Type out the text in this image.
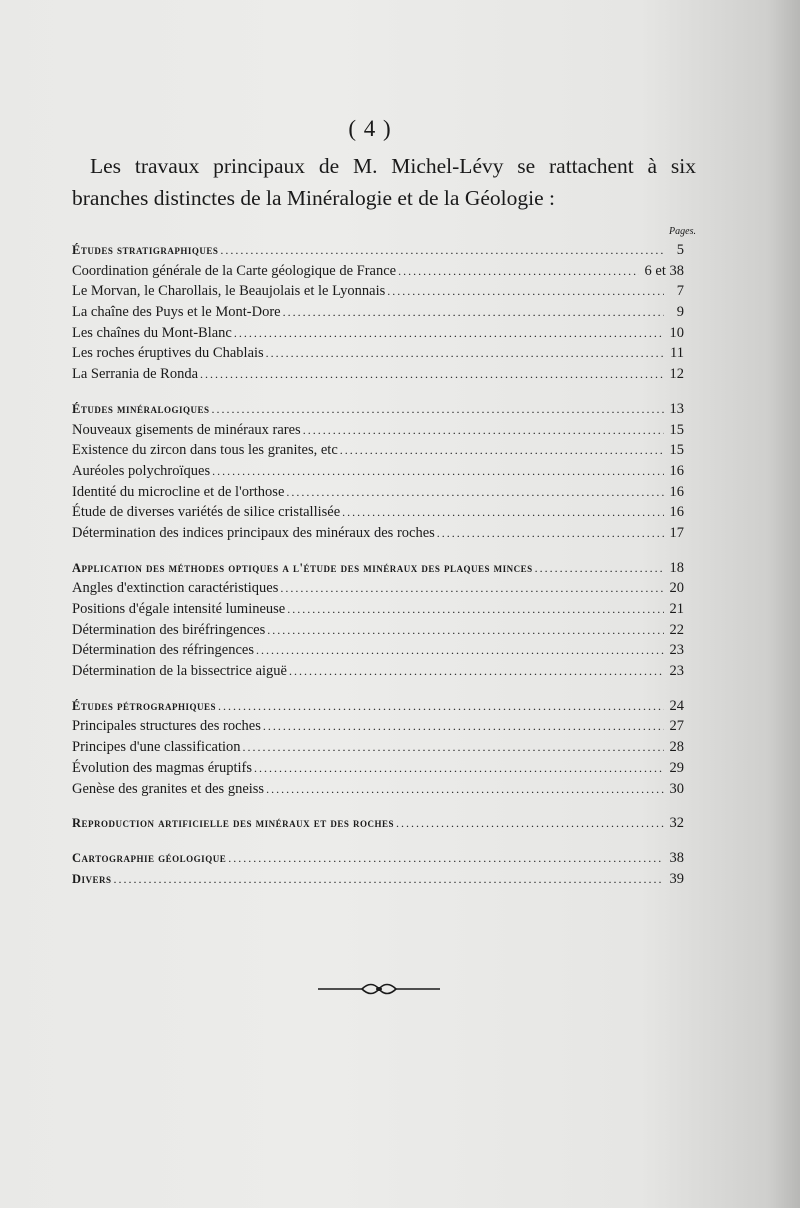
( 4 )
Les travaux principaux de M. Michel-Lévy se rattachent à six branches distinctes de la Minéralogie et de la Géologie :
Pages.
Études stratigraphiques .....	5
Coordination générale de la Carte géologique de France .....	6 et 38
Le Morvan, le Charollais, le Beaujolais et le Lyonnais .....	7
La chaîne des Puys et le Mont-Dore .....	9
Les chaînes du Mont-Blanc .....	10
Les roches éruptives du Chablais .....	11
La Serrania de Ronda .....	12
Études minéralogiques .....	13
Nouveaux gisements de minéraux rares .....	15
Existence du zircon dans tous les granites, etc .....	15
Auréoles polychroïques .....	16
Identité du microcline et de l'orthose .....	16
Étude de diverses variétés de silice cristallisée .....	16
Détermination des indices principaux des minéraux des roches .....	17
Application des méthodes optiques a l'étude des minéraux des plaques minces .....	18
Angles d'extinction caractéristiques .....	20
Positions d'égale intensité lumineuse .....	21
Détermination des biréfringences .....	22
Détermination des réfringences .....	23
Détermination de la bissectrice aiguë .....	23
Études pétrographiques .....	24
Principales structures des roches .....	27
Principes d'une classification .....	28
Évolution des magmas éruptifs .....	29
Genèse des granites et des gneiss .....	30
Reproduction artificielle des minéraux et des roches .....	32
Cartographie géologique .....	38
Divers .....	39
